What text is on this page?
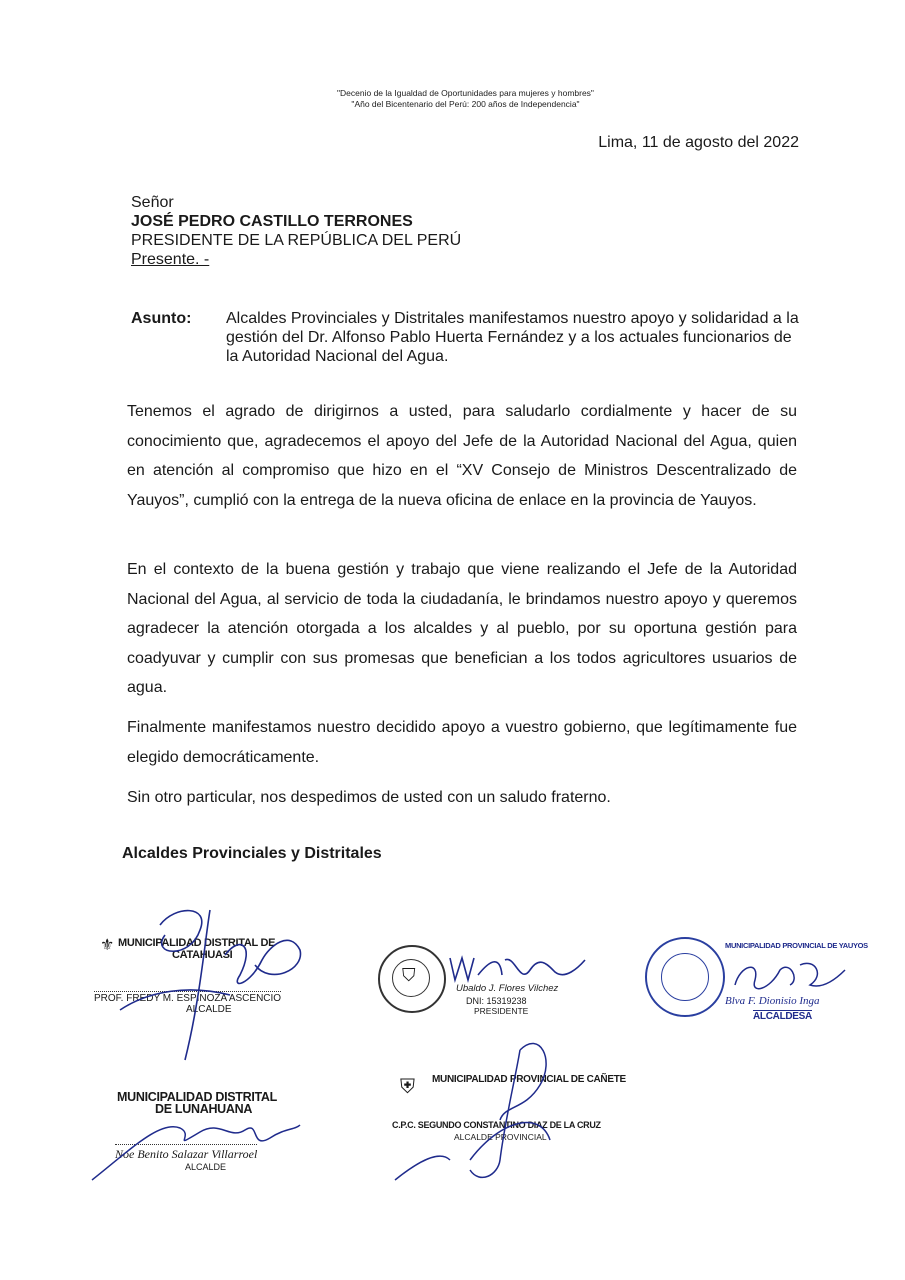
"Decenio de la Igualdad de Oportunidades para mujeres y hombres"
"Año del Bicentenario del Perú: 200 años de Independencia"
Lima, 11 de agosto del 2022
Señor
JOSÉ PEDRO CASTILLO TERRONES
PRESIDENTE DE LA REPÚBLICA DEL PERÚ
Presente. -
Asunto: Alcaldes Provinciales y Distritales manifestamos nuestro apoyo y solidaridad a la gestión del Dr. Alfonso Pablo Huerta Fernández y a los actuales funcionarios de la Autoridad Nacional del Agua.
Tenemos el agrado de dirigirnos a usted, para saludarlo cordialmente y hacer de su conocimiento que, agradecemos el apoyo del Jefe de la Autoridad Nacional del Agua, quien en atención al compromiso que hizo en el “XV Consejo de Ministros Descentralizado de Yauyos”, cumplió con la entrega de la nueva oficina de enlace en la provincia de Yauyos.
En el contexto de la buena gestión y trabajo que viene realizando el Jefe de la Autoridad Nacional del Agua, al servicio de toda la ciudadanía, le brindamos nuestro apoyo y queremos agradecer la atención otorgada a los alcaldes y al pueblo, por su oportuna gestión para coadyuvar y cumplir con sus promesas que benefician a los todos agricultores usuarios de agua.
Finalmente manifestamos nuestro decidido apoyo a vuestro gobierno, que legítimamente fue elegido democráticamente.
Sin otro particular, nos despedimos de usted con un saludo fraterno.
Alcaldes Provinciales y Distritales
⚜ MUNICIPALIDAD DISTRITAL DE
CATAHUASI
PROF. FREDY M. ESPINOZA ASCENCIO
ALCALDE
⛉
Ubaldo J. Flores Vilchez
DNI: 15319238
PRESIDENTE
MUNICIPALIDAD PROVINCIAL DE YAUYOS
Blva F. Dionisio Inga
ALCALDESA
MUNICIPALIDAD DISTRITAL
DE LUNAHUANA
Noe Benito Salazar Villarroel
ALCALDE
⛨ MUNICIPALIDAD PROVINCIAL DE CAÑETE
C.P.C. SEGUNDO CONSTANTINO DIAZ DE LA CRUZ
ALCALDE PROVINCIAL
